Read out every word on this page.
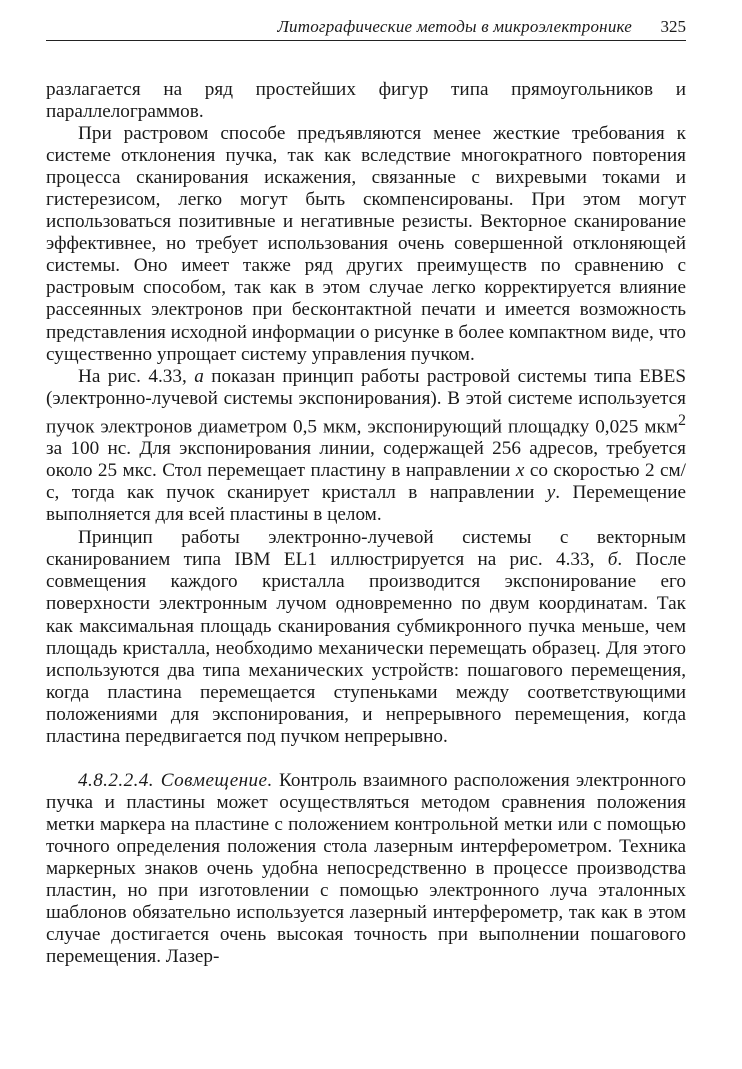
Литографические методы в микроэлектронике 325

разлагается на ряд простейших фигур типа прямоугольников и параллелограммов.

При растровом способе предъявляются менее жесткие требования к системе отклонения пучка, так как вследствие многократного повторения процесса сканирования искажения, связанные с вихревыми токами и гистерезисом, легко могут быть скомпенсированы. При этом могут использоваться позитивные и негативные резисты. Векторное сканирование эффективнее, но требует использования очень совершенной отклоняющей системы. Оно имеет также ряд других преимуществ по сравнению с растровым способом, так как в этом случае легко корректируется влияние рассеянных электронов при бесконтактной печати и имеется возможность представления исходной информации о рисунке в более компактном виде, что существенно упрощает систему управления пучком.

На рис. 4.33, а показан принцип работы растровой системы типа EBES (электронно-лучевой системы экспонирования). В этой системе используется пучок электронов диаметром 0,5 мкм, экспонирующий площадку 0,025 мкм$^2$ за 100 нс. Для экспонирования линии, содержащей 256 адресов, требуется около 25 мкс. Стол перемещает пластину в направлении x со скоростью 2 см/с, тогда как пучок сканирует кристалл в направлении y. Перемещение выполняется для всей пластины в целом.

Принцип работы электронно-лучевой системы с векторным сканированием типа IBM EL1 иллюстрируется на рис. 4.33, б. После совмещения каждого кристалла производится экспонирование его поверхности электронным лучом одновременно по двум координатам. Так как максимальная площадь сканирования субмикронного пучка меньше, чем площадь кристалла, необходимо механически перемещать образец. Для этого используются два типа механических устройств: пошагового перемещения, когда пластина перемещается ступеньками между соответствующими положениями для экспонирования, и непрерывного перемещения, когда пластина передвигается под пучком непрерывно.

4.8.2.2.4. Совмещение. Контроль взаимного расположения электронного пучка и пластины может осуществляться методом сравнения положения метки маркера на пластине с положением контрольной метки или с помощью точного определения положения стола лазерным интерферометром. Техника маркерных знаков очень удобна непосредственно в процессе производства пластин, но при изготовлении с помощью электронного луча эталонных шаблонов обязательно используется лазерный интерферометр, так как в этом случае достигается очень высокая точность при выполнении пошагового перемещения. Лазер-
